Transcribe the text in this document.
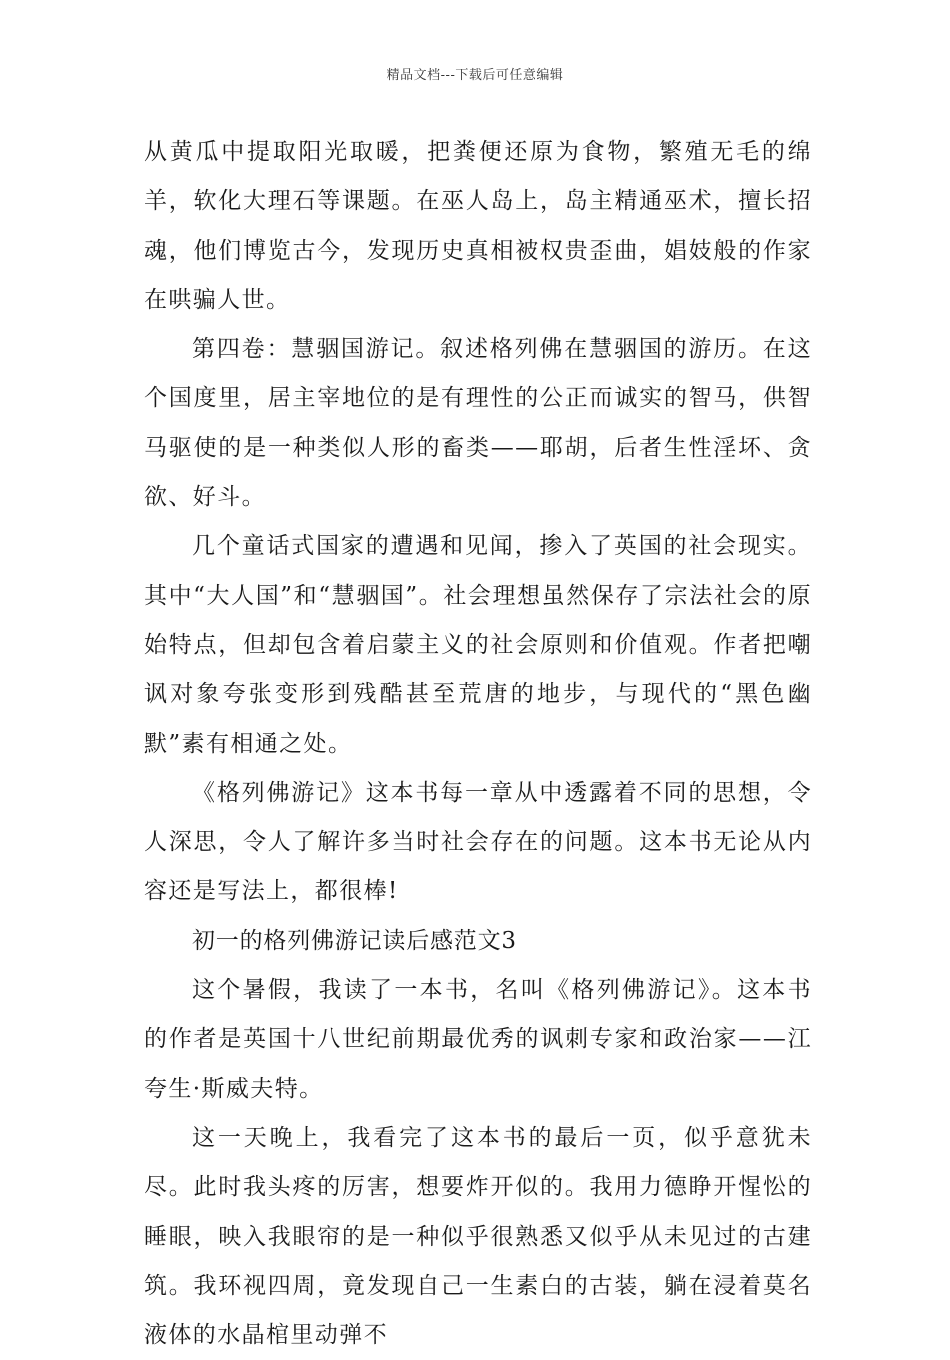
精品文档---下载后可任意编辑

从黄瓜中提取阳光取暖，把粪便还原为食物，繁殖无毛的绵羊，软化大理石等课题。在巫人岛上，岛主精通巫术，擅长招魂，他们博览古今，发现历史真相被权贵歪曲，娼妓般的作家在哄骗人世。

第四卷：慧骃国游记。叙述格列佛在慧骃国的游历。在这个国度里，居主宰地位的是有理性的公正而诚实的智马，供智马驱使的是一种类似人形的畜类——耶胡，后者生性淫坏、贪欲、好斗。

几个童话式国家的遭遇和见闻，掺入了英国的社会现实。其中“大人国”和“慧骃国”。社会理想虽然保存了宗法社会的原始特点，但却包含着启蒙主义的社会原则和价值观。作者把嘲讽对象夸张变形到残酷甚至荒唐的地步，与现代的“黑色幽默”素有相通之处。

《格列佛游记》这本书每一章从中透露着不同的思想，令人深思，令人了解许多当时社会存在的问题。这本书无论从内容还是写法上，都很棒!

初一的格列佛游记读后感范文3

这个暑假，我读了一本书，名叫《格列佛游记》。这本书的作者是英国十八世纪前期最优秀的讽刺专家和政治家——江夸生·斯威夫特。

这一天晚上，我看完了这本书的最后一页，似乎意犹未尽。此时我头疼的厉害，想要炸开似的。我用力德睁开惺忪的睡眼，映入我眼帘的是一种似乎很熟悉又似乎从未见过的古建筑。我环视四周，竟发现自己一生素白的古装，躺在浸着莫名液体的水晶棺里动弹不
